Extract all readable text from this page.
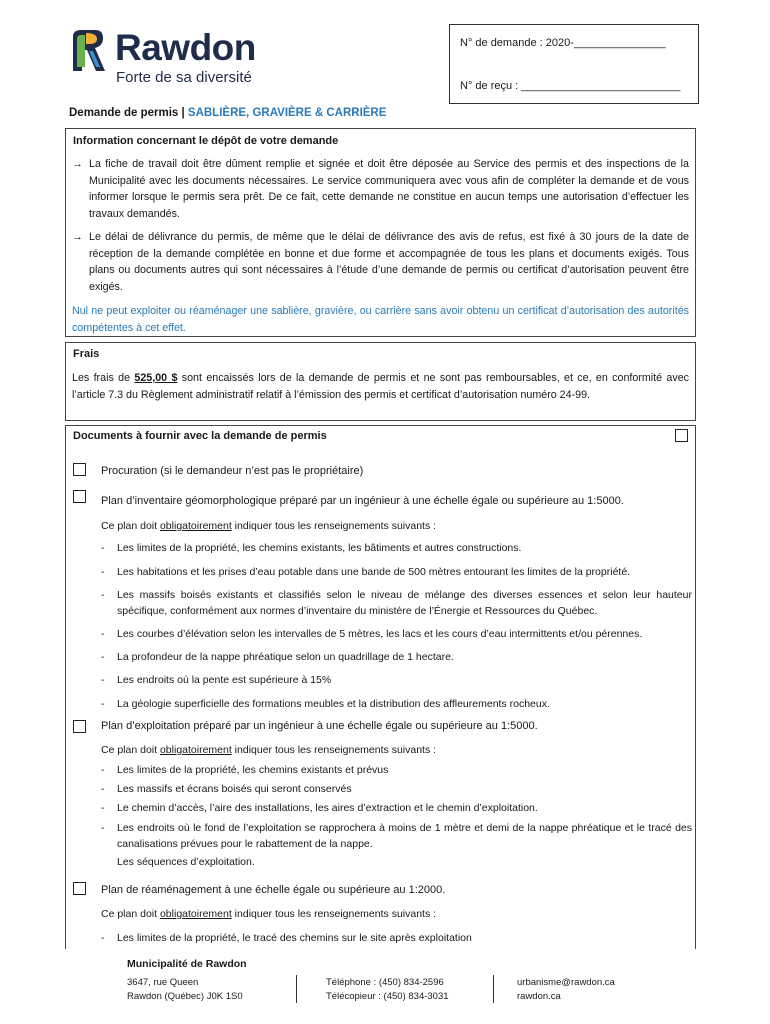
Rawdon
Forte de sa diversité
N° de demande : 2020-_______________
N° de reçu : __________________________
Demande de permis | SABLIÈRE, GRAVIÈRE & CARRIÈRE
Information concernant le dépôt de votre demande
→ La fiche de travail doit être dûment remplie et signée et doit être déposée au Service des permis et des inspections de la Municipalité avec les documents nécessaires. Le service communiquera avec vous afin de compléter la demande et de vous informer lorsque le permis sera prêt. De ce fait, cette demande ne constitue en aucun temps une autorisation d’effectuer les travaux demandés.
→ Le délai de délivrance du permis, de même que le délai de délivrance des avis de refus, est fixé à 30 jours de la date de réception de la demande complétée en bonne et due forme et accompagnée de tous les plans et documents exigés. Tous plans ou documents autres qui sont nécessaires à l’étude d’une demande de permis ou certificat d’autorisation peuvent être exigés.
Nul ne peut exploiter ou réaménager une sablière, gravière, ou carrière sans avoir obtenu un certificat d’autorisation des autorités compétentes à cet effet.
Frais
Les frais de 525,00 $ sont encaissés lors de la demande de permis et ne sont pas remboursables, et ce, en conformité avec l’article 7.3 du Règlement administratif relatif à l’émission des permis et certificat d’autorisation numéro 24-99.
Documents à fournir avec la demande de permis
Procuration (si le demandeur n’est pas le propriétaire)
Plan d’inventaire géomorphologique préparé par un ingénieur à une échelle égale ou supérieure au 1:5000.
Ce plan doit obligatoirement indiquer tous les renseignements suivants :
- Les limites de la propriété, les chemins existants, les bâtiments et autres constructions.
- Les habitations et les prises d’eau potable dans une bande de 500 mètres entourant les limites de la propriété.
- Les massifs boisés existants et classifiés selon le niveau de mélange des diverses essences et selon leur hauteur spécifique, conformément aux normes d’inventaire du ministère de l’Énergie et Ressources du Québec.
- Les courbes d’élévation selon les intervalles de 5 mètres, les lacs et les cours d’eau intermittents et/ou pérennes.
- La profondeur de la nappe phréatique selon un quadrillage de 1 hectare.
- Les endroits où la pente est supérieure à 15%
- La géologie superficielle des formations meubles et la distribution des affleurements rocheux.
Plan d’exploitation préparé par un ingénieur à une échelle égale ou supérieure au 1:5000.
Ce plan doit obligatoirement indiquer tous les renseignements suivants :
- Les limites de la propriété, les chemins existants et prévus
- Les massifs et écrans boisés qui seront conservés
- Le chemin d’accès, l’aire des installations, les aires d’extraction et le chemin d’exploitation.
- Les endroits où le fond de l’exploitation se rapprochera à moins de 1 mètre et demi de la nappe phréatique et le tracé des canalisations prévues pour le rabattement de la nappe.
Les séquences d’exploitation.
Plan de réaménagement à une échelle égale ou supérieure au 1:2000.
Ce plan doit obligatoirement indiquer tous les renseignements suivants :
- Les limites de la propriété, le tracé des chemins sur le site après exploitation
Municipalité de Rawdon
3647, rue Queen
Rawdon (Québec) J0K 1S0
Téléphone : (450) 834-2596
Télécopieur : (450) 834-3031
urbanisme@rawdon.ca
rawdon.ca
